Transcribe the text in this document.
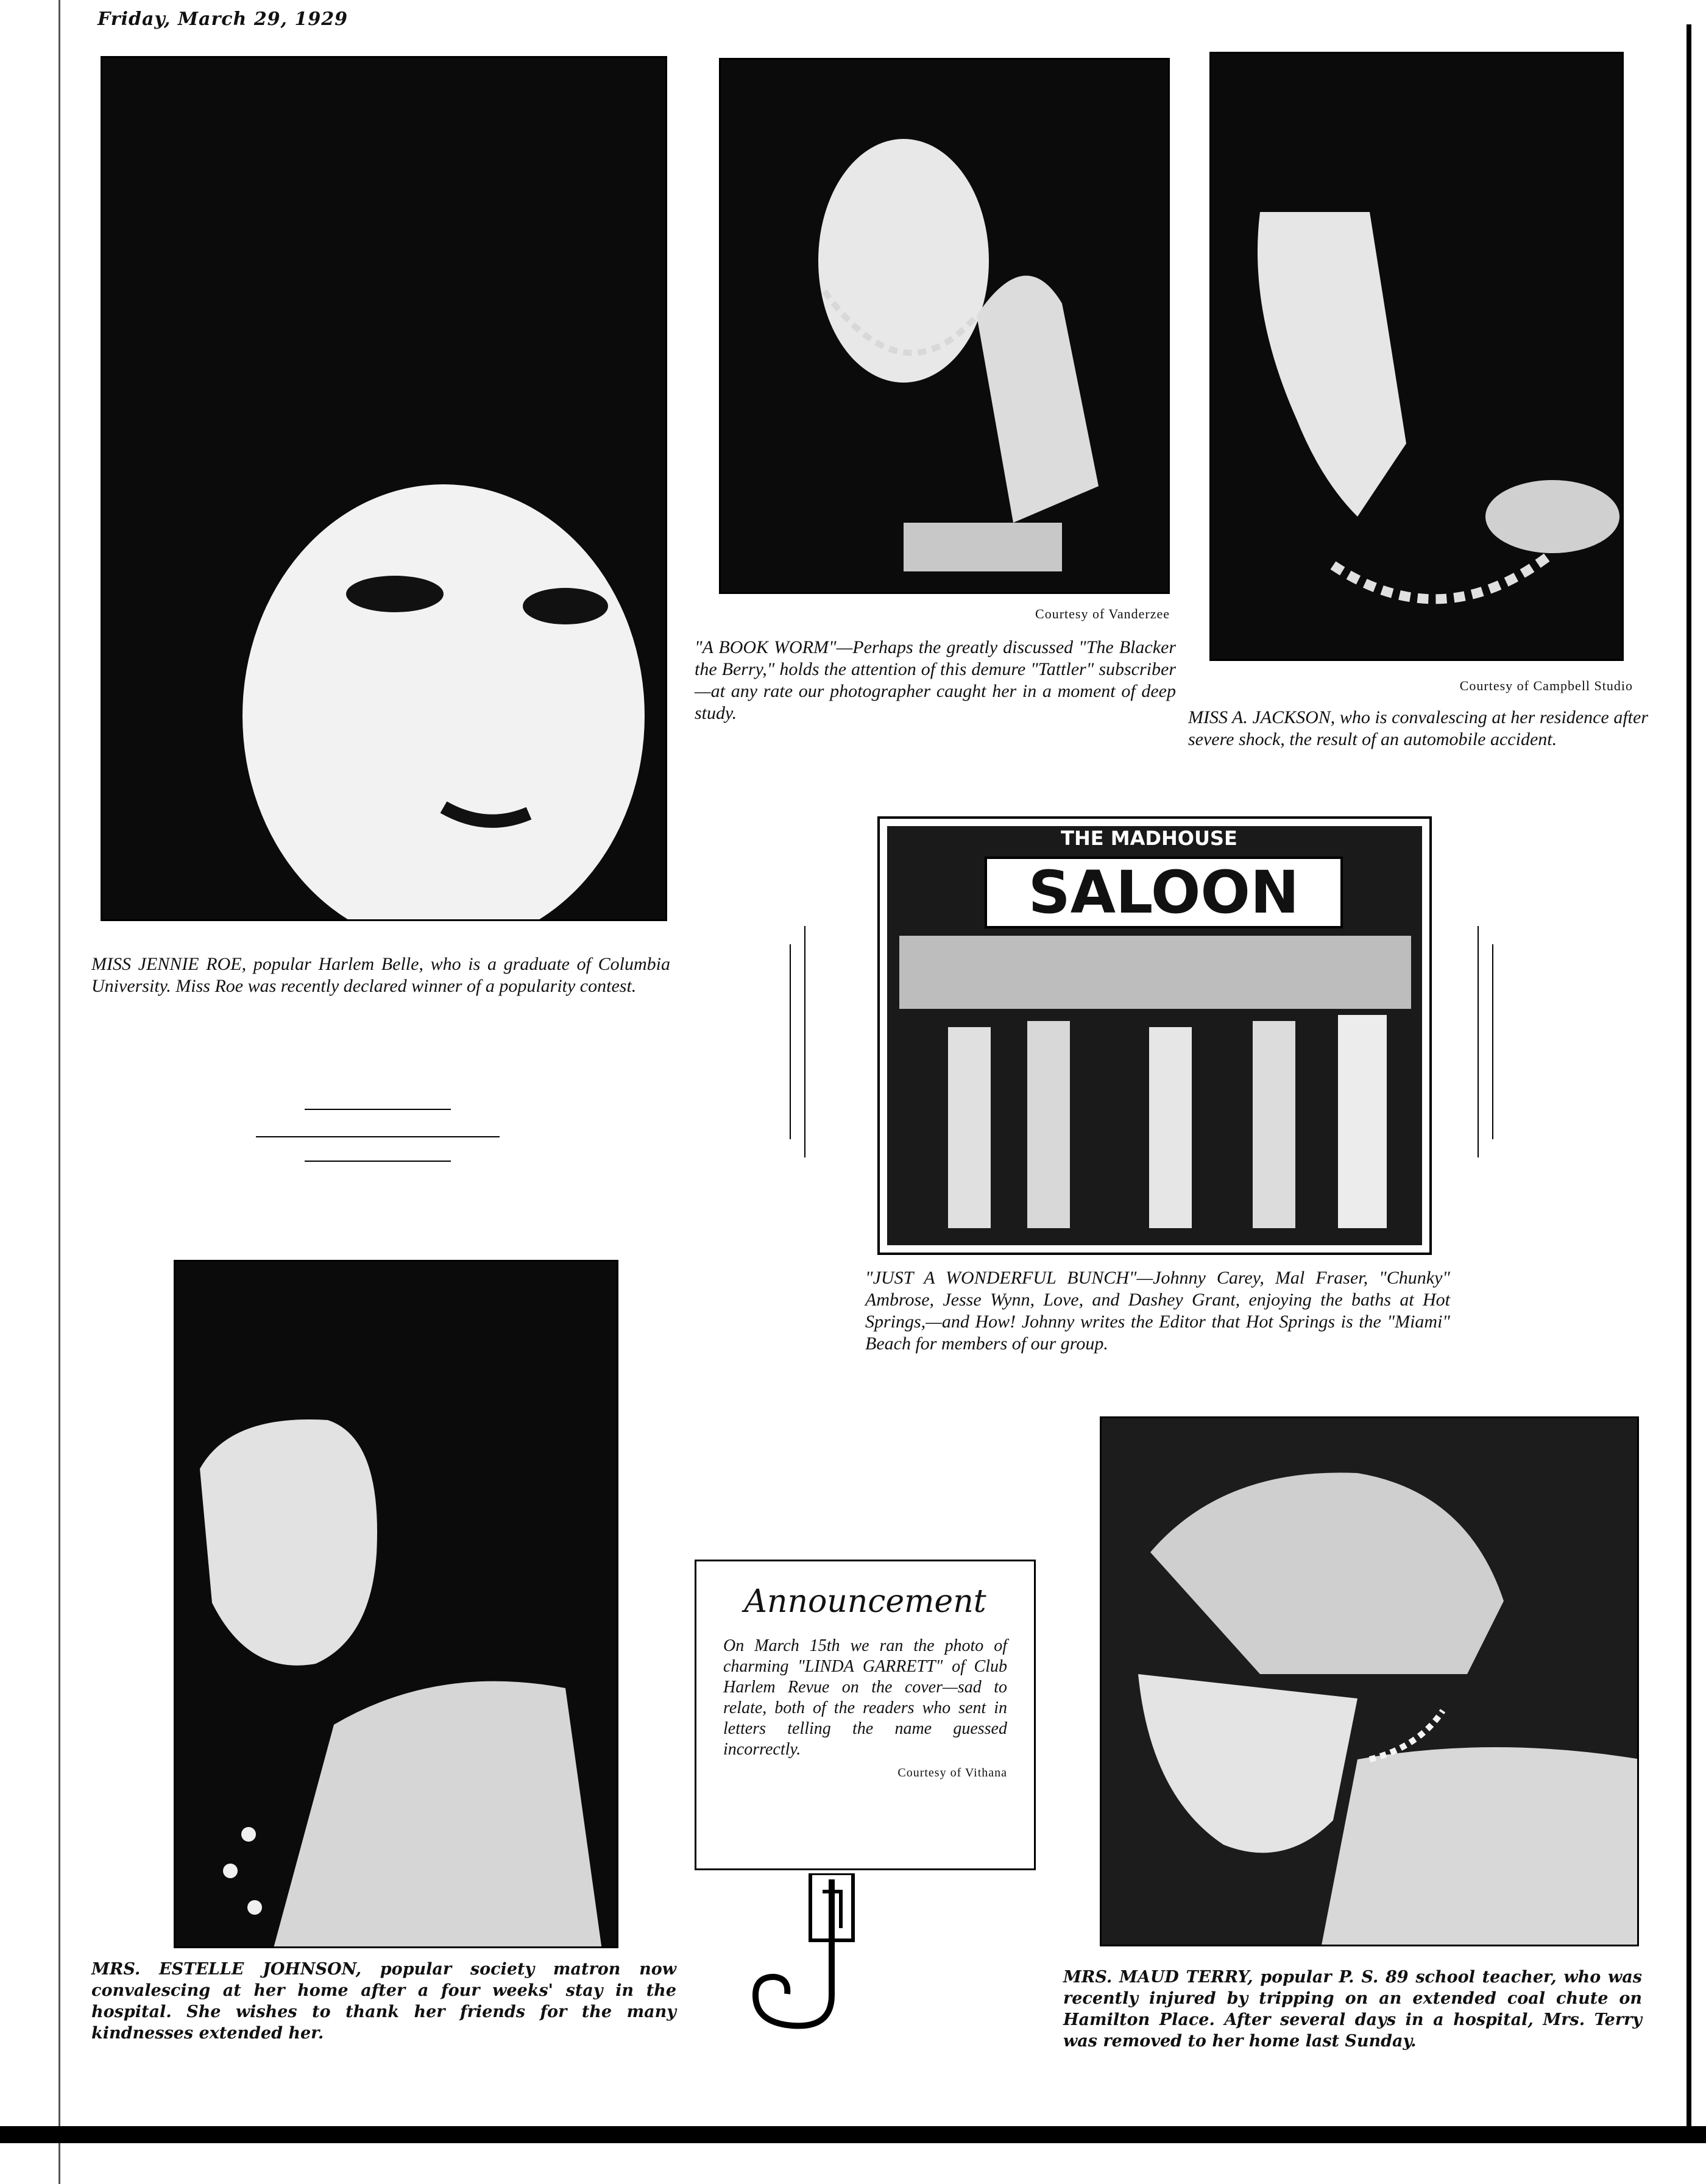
Friday, March 29, 1929
MISS JENNIE ROE, popular Harlem Belle, who is a graduate of Columbia University. Miss Roe was recently declared winner of a popularity contest.
Courtesy of Vanderzee
"A BOOK WORM"—Perhaps the greatly discussed "The Blacker the Berry," holds the attention of this demure "Tattler" subscriber—at any rate our photographer caught her in a moment of deep study.
Courtesy of Campbell Studio
MISS A. JACKSON, who is convalescing at her residence after severe shock, the result of an automobile accident.
THE MADHOUSE
SALOON
"JUST A WONDERFUL BUNCH"—Johnny Carey, Mal Fraser, "Chunky" Ambrose, Jesse Wynn, Love, and Dashey Grant, enjoying the baths at Hot Springs,—and How! Johnny writes the Editor that Hot Springs is the "Miami" Beach for members of our group.
MRS. ESTELLE JOHNSON, popular society matron now convalescing at her home after a four weeks' stay in the hospital. She wishes to thank her friends for the many kindnesses extended her.
Announcement
On March 15th we ran the photo of charming "LINDA GARRETT" of Club Harlem Revue on the cover—sad to relate, both of the readers who sent in letters telling the name guessed incorrectly.
Courtesy of Vithana
MRS. MAUD TERRY, popular P. S. 89 school teacher, who was recently injured by tripping on an extended coal chute on Hamilton Place. After several days in a hospital, Mrs. Terry was removed to her home last Sunday.
